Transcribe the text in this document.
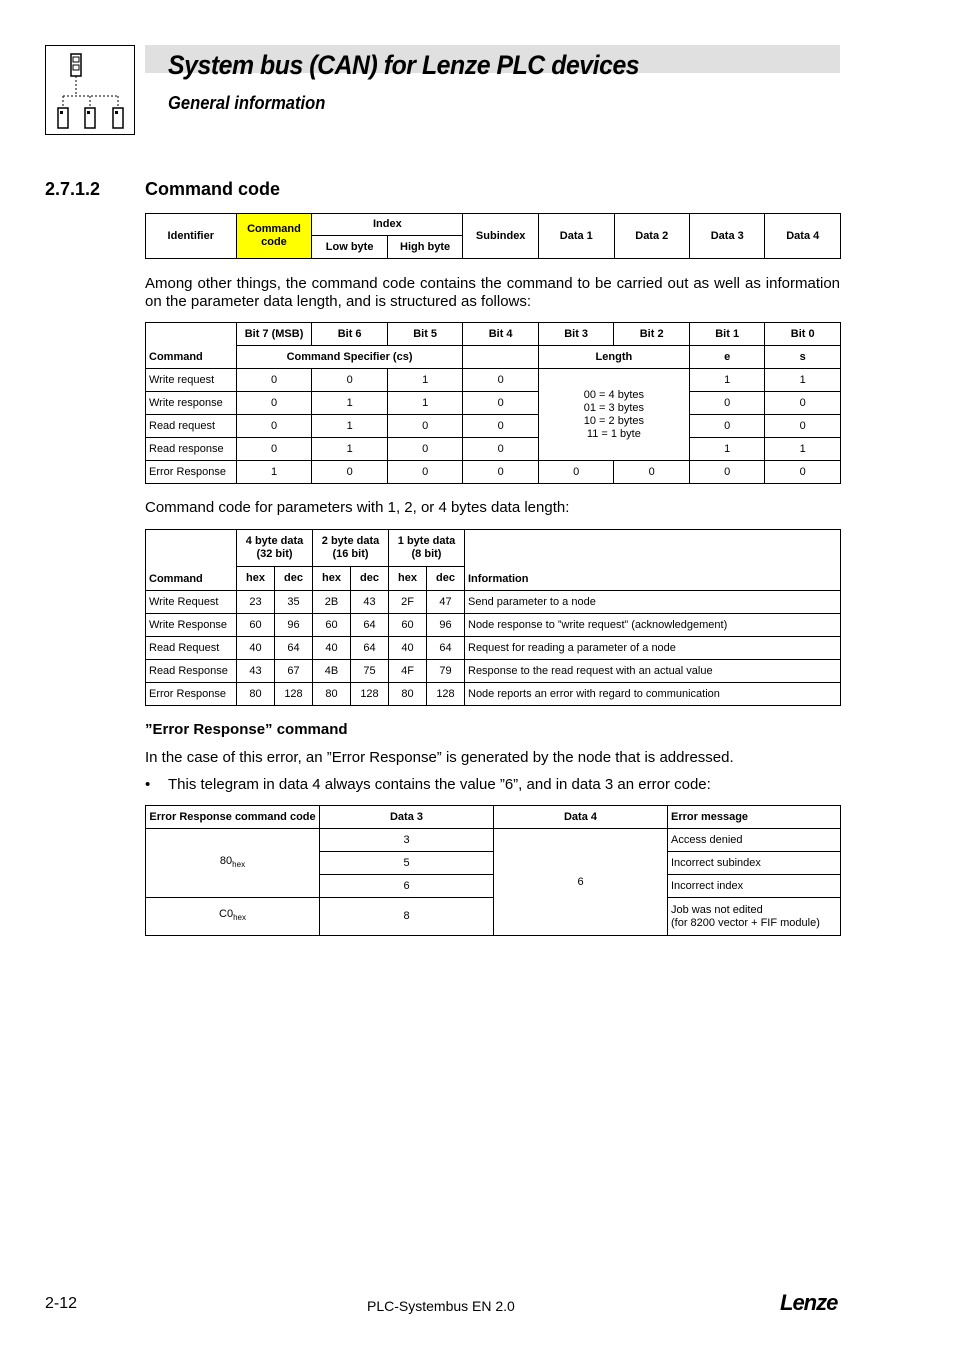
System bus (CAN) for Lenze PLC devices
General information
2.7.1.2 Command code
Identifier	Command code	Index		Subindex	Data 1	Data 2	Data 3	Data 4
		Low byte	High byte					
Among other things, the command code contains the command to be carried out as well as information on the parameter data length, and is structured as follows:
Command	Bit 7 (MSB)	Bit 6	Bit 5	Bit 4	Bit 3	Bit 2	Bit 1	Bit 0
	Command Specifier (cs)				Length		e	s
Write request	0	0	1	0	00 = 4 bytes
01 = 3 bytes
10 = 2 bytes
11 = 1 byte		1	1
Write response	0	1	1	0			0	0
Read request	0	1	0	0			0	0
Read response	0	1	0	0			1	1
Error Response	1	0	0	0	0	0	0	0
Command code for parameters with 1, 2, or 4 bytes data length:
Command	4 byte data (32 bit)		2 byte data (16 bit)		1 byte data (8 bit)		Information
	hex	dec	hex	dec	hex	dec	
Write Request	23	35	2B	43	2F	47	Send parameter to a node
Write Response	60	96	60	64	60	96	Node response to ”write request” (acknowledgement)
Read Request	40	64	40	64	40	64	Request for reading a parameter of a node
Read Response	43	67	4B	75	4F	79	Response to the read request with an actual value
Error Response	80	128	80	128	80	128	Node reports an error with regard to communication
”Error Response” command
In the case of this error, an ”Error Response” is generated by the node that is addressed.
• This telegram in data 4 always contains the value ”6”, and in data 3 an error code:
Error Response command code	Data 3	Data 4	Error message
$80_{hex}$	3	6	Access denied
	5		Incorrect subindex
	6		Incorrect index
$C0_{hex}$	8		Job was not edited
(for 8200 vector + FIF module)
2-12	PLC-Systembus EN 2.0	Lenze
